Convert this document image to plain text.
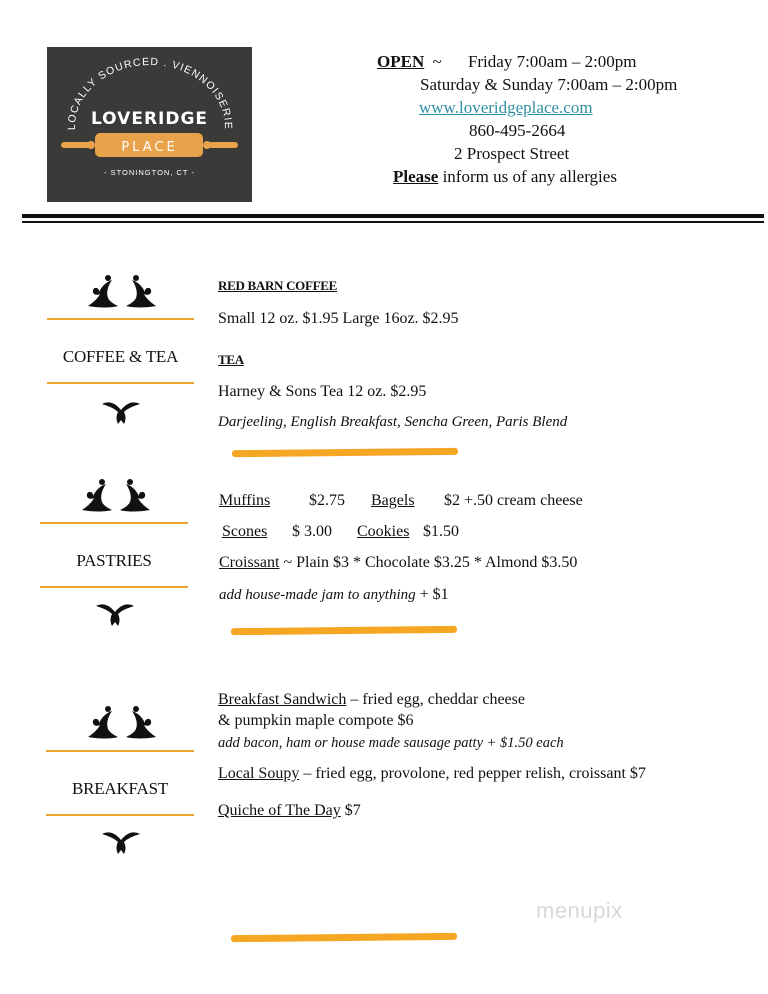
LOCALLY SOURCED . VIENNOISERIE
LOVERIDGE
PLACE
- STONINGTON, CT -
OPEN ~ Friday 7:00am – 2:00pm
Saturday & Sunday 7:00am – 2:00pm
www.loveridgeplace.com
860-495-2664
2 Prospect Street
Please inform us of any allergies
COFFEE & TEA
RED BARN COFFEE
Small 12 oz. $1.95 Large 16oz. $2.95
TEA
Harney & Sons Tea 12 oz. $2.95
Darjeeling, English Breakfast, Sencha Green, Paris Blend
PASTRIES
Muffins $2.75 Bagels $2 +.50 cream cheese
Scones $ 3.00 Cookies $1.50
Croissant ~ Plain $3 * Chocolate $3.25 * Almond $3.50
add house-made jam to anything + $1
BREAKFAST
Breakfast Sandwich – fried egg, cheddar cheese
& pumpkin maple compote $6
add bacon, ham or house made sausage patty + $1.50 each
Local Soupy – fried egg, provolone, red pepper relish, croissant $7
Quiche of The Day $7
menupix
